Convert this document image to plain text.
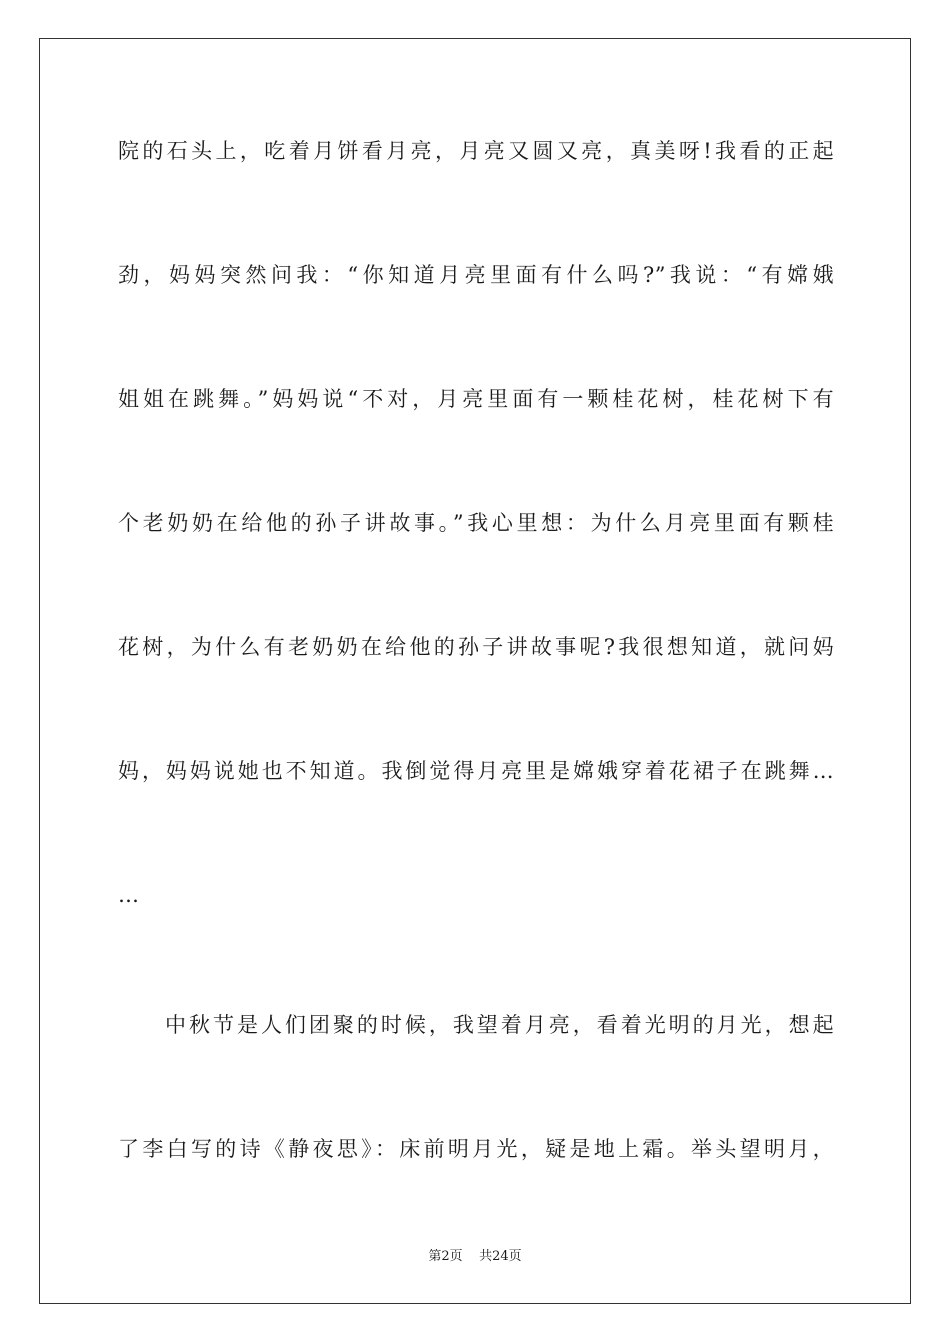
院的石头上，吃着月饼看月亮，月亮又圆又亮，真美呀!我看的正起
劲，妈妈突然问我：“你知道月亮里面有什么吗?”我说：“有嫦娥
姐姐在跳舞。”妈妈说“不对，月亮里面有一颗桂花树，桂花树下有
个老奶奶在给他的孙子讲故事。”我心里想：为什么月亮里面有颗桂
花树，为什么有老奶奶在给他的孙子讲故事呢?我很想知道，就问妈
妈，妈妈说她也不知道。我倒觉得月亮里是嫦娥穿着花裙子在跳舞…
…
中秋节是人们团聚的时候，我望着月亮，看着光明的月光，想起
了李白写的诗《静夜思》：床前明月光，疑是地上霜。举头望明月，
第2页    共24页
